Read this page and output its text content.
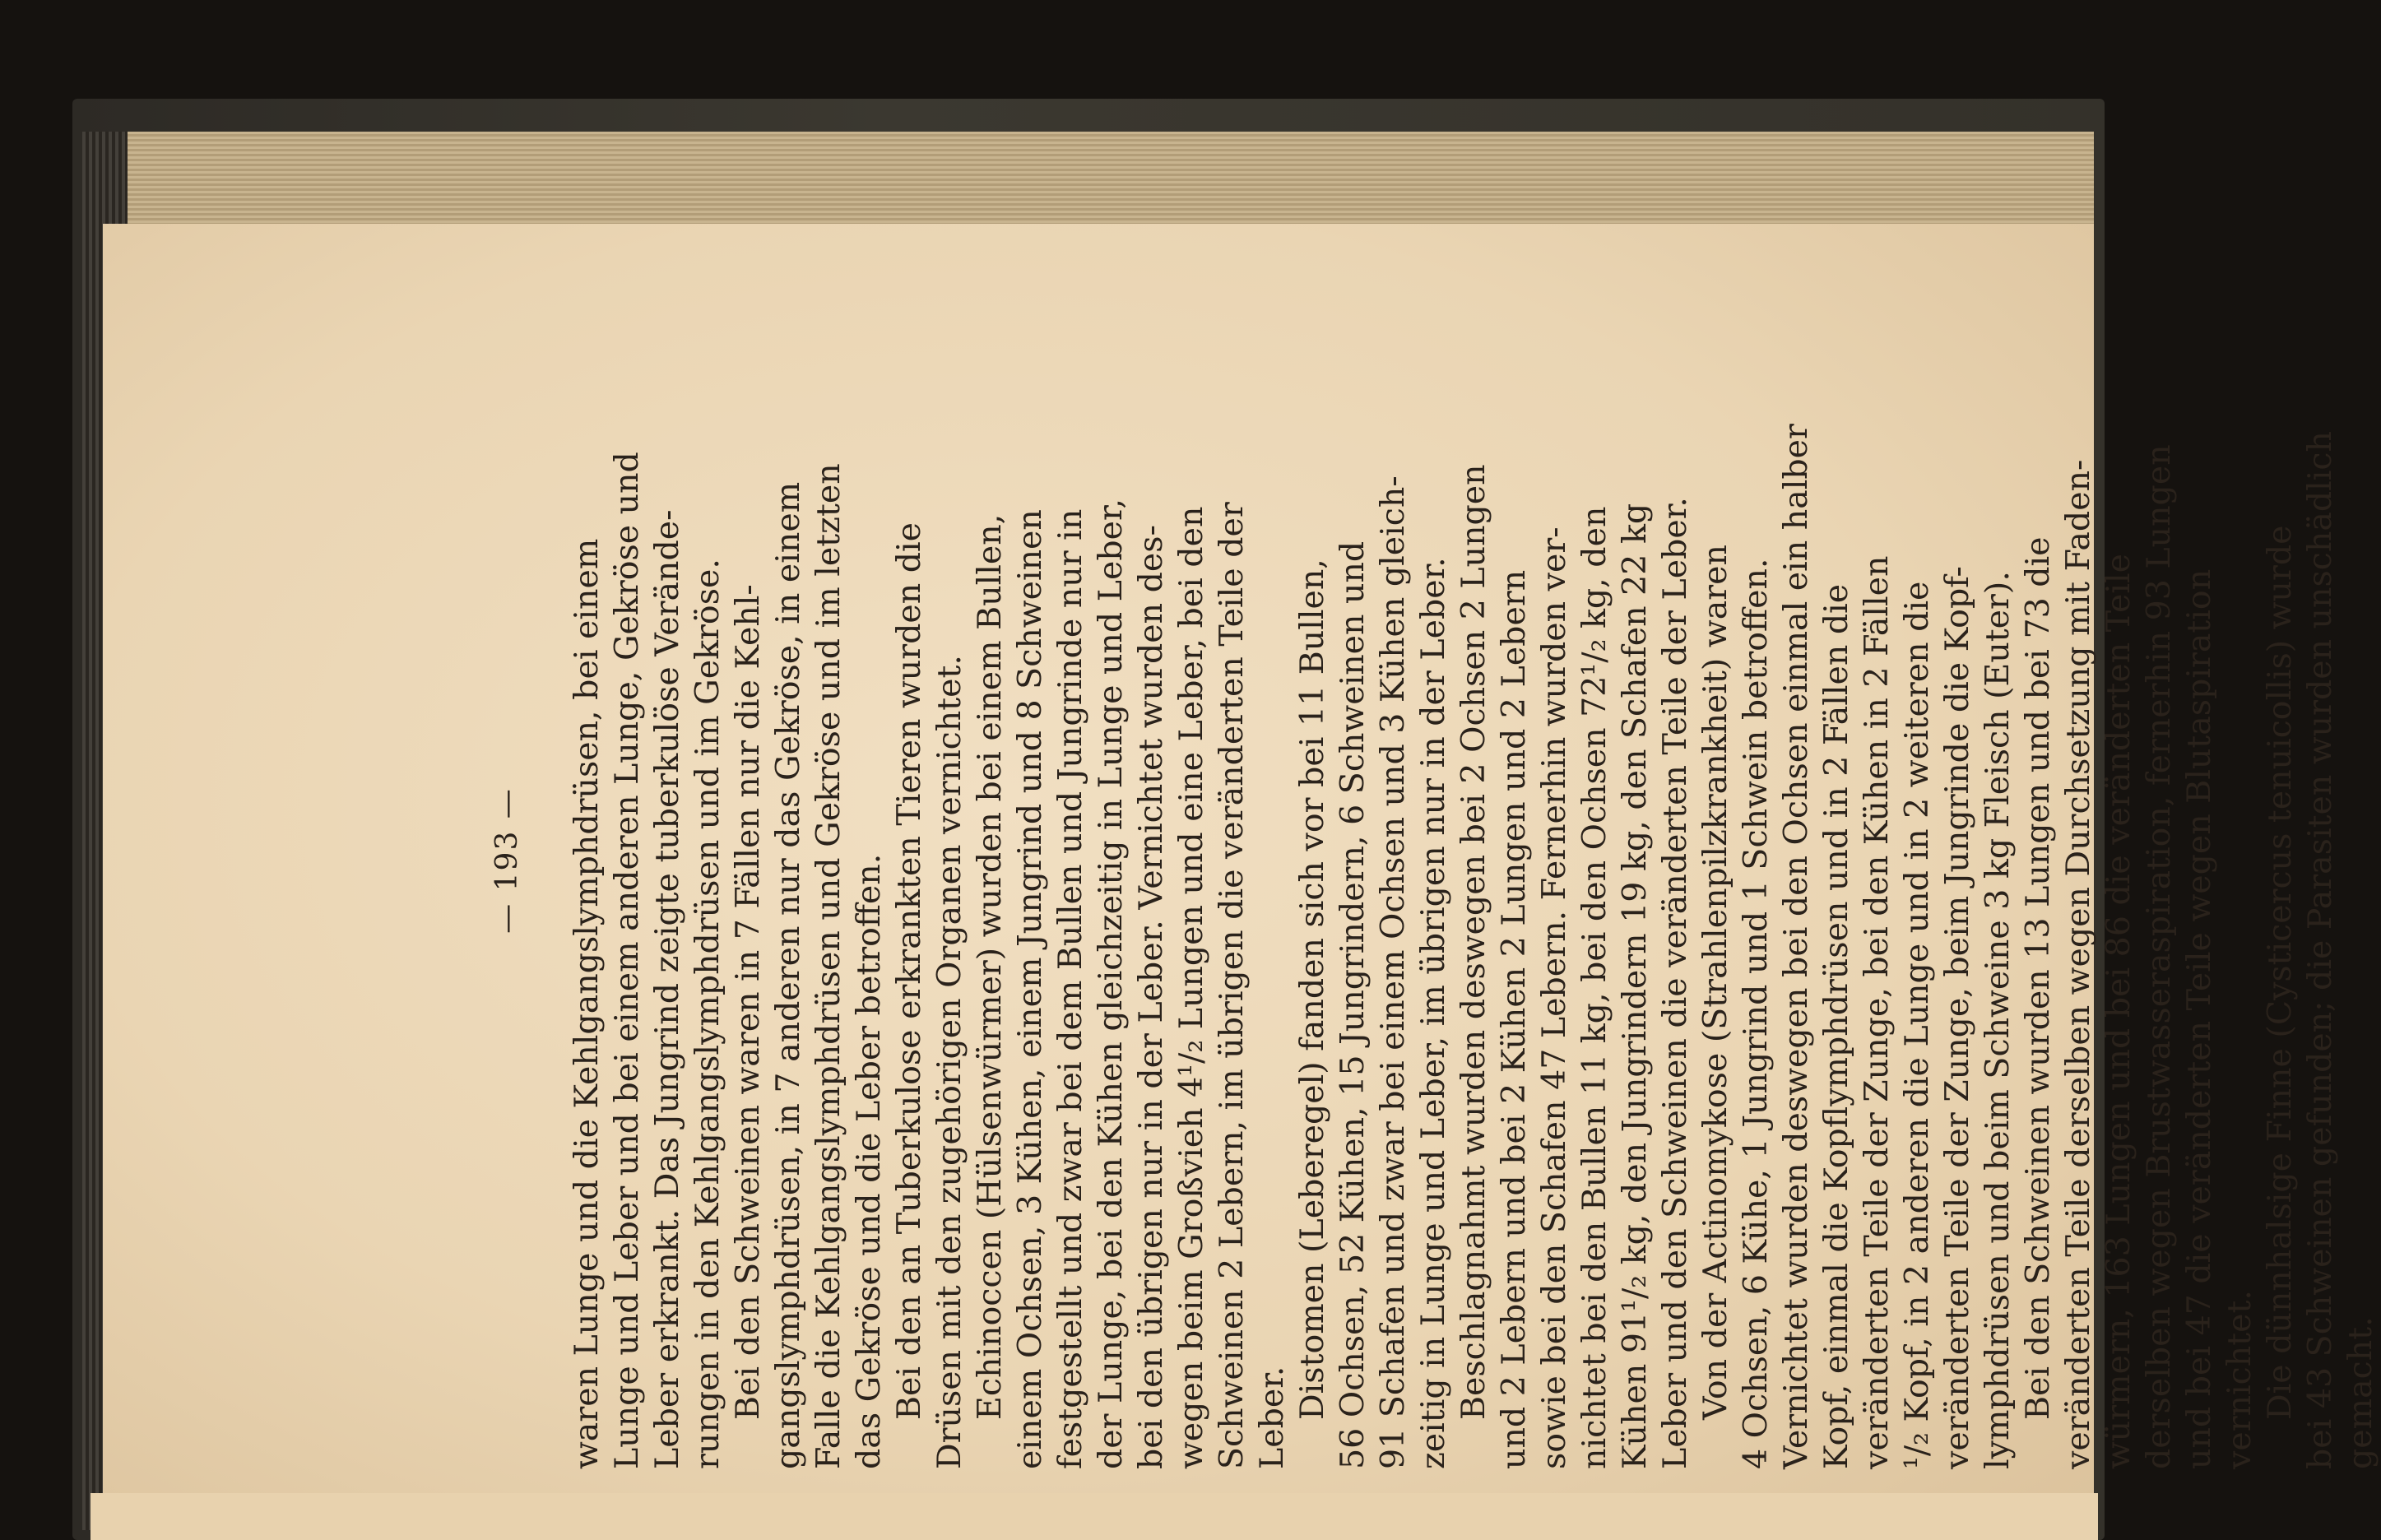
— 193 —	waren Lunge und die Kehlgangslymphdrüsen, bei einem Lunge und Leber und bei einem anderen Lunge, Gekröse und Leber erkrankt. Das Jungrind zeigte tuberkulöse Verände- rungen in den Kehlgangslymphdrüsen und im Gekröse. Bei den Schweinen waren in 7 Fällen nur die Kehl- gangslymphdrüsen, in 7 anderen nur das Gekröse, in einem Falle die Kehlgangslymphdrüsen und Gekröse und im letzten das Gekröse und die Leber betroffen. Bei den an Tuberkulose erkrankten Tieren wurden die Drüsen mit den zugehörigen Organen vernichtet. Echinoccen (Hülsenwürmer) wurden bei einem Bullen, einem Ochsen, 3 Kühen, einem Jungrind und 8 Schweinen festgestellt und zwar bei dem Bullen und Jungrinde nur in der Lunge, bei den Kühen gleichzeitig in Lunge und Leber, bei den übrigen nur in der Leber. Vernichtet wurden des- wegen beim Großvieh 4¹/₂ Lungen und eine Leber, bei den Schweinen 2 Lebern, im übrigen die veränderten Teile der Leber. Distomen (Leberegel) fanden sich vor bei 11 Bullen, 56 Ochsen, 52 Kühen, 15 Jungrindern, 6 Schweinen und 91 Schafen und zwar bei einem Ochsen und 3 Kühen gleich- zeitig in Lunge und Leber, im übrigen nur in der Leber. Beschlagnahmt wurden deswegen bei 2 Ochsen 2 Lungen und 2 Lebern und bei 2 Kühen 2 Lungen und 2 Lebern sowie bei den Schafen 47 Lebern. Fernerhin wurden ver- nichtet bei den Bullen 11 kg, bei den Ochsen 72¹/₂ kg, den Kühen 91¹/₂ kg, den Jungrindern 19 kg, den Schafen 22 kg Leber und den Schweinen die veränderten Teile der Leber. Von der Actinomykose (Strahlenpilzkrankheit) waren 4 Ochsen, 6 Kühe, 1 Jungrind und 1 Schwein betroffen. Vernichtet wurden deswegen bei den Ochsen einmal ein halber Kopf, einmal die Kopflymphdrüsen und in 2 Fällen die veränderten Teile der Zunge, bei den Kühen in 2 Fällen ¹/₂ Kopf, in 2 anderen die Lunge und in 2 weiteren die veränderten Teile der Zunge, beim Jungrinde die Kopf- lymphdrüsen und beim Schweine 3 kg Fleisch (Euter). Bei den Schweinen wurden 13 Lungen und bei 73 die veränderten Teile derselben wegen Durchsetzung mit Faden- würmern, 163 Lungen und bei 86 die veränderten Teile derselben wegen Brustwasseraspiration, fernerhin 93 Lungen und bei 47 die veränderten Teile wegen Blutaspiration vernichtet. Die dünnhalsige Finne (Cysticercus tenuicollis) wurde bei 43 Schweinen gefunden; die Parasiten wurden unschädlich gemacht.
